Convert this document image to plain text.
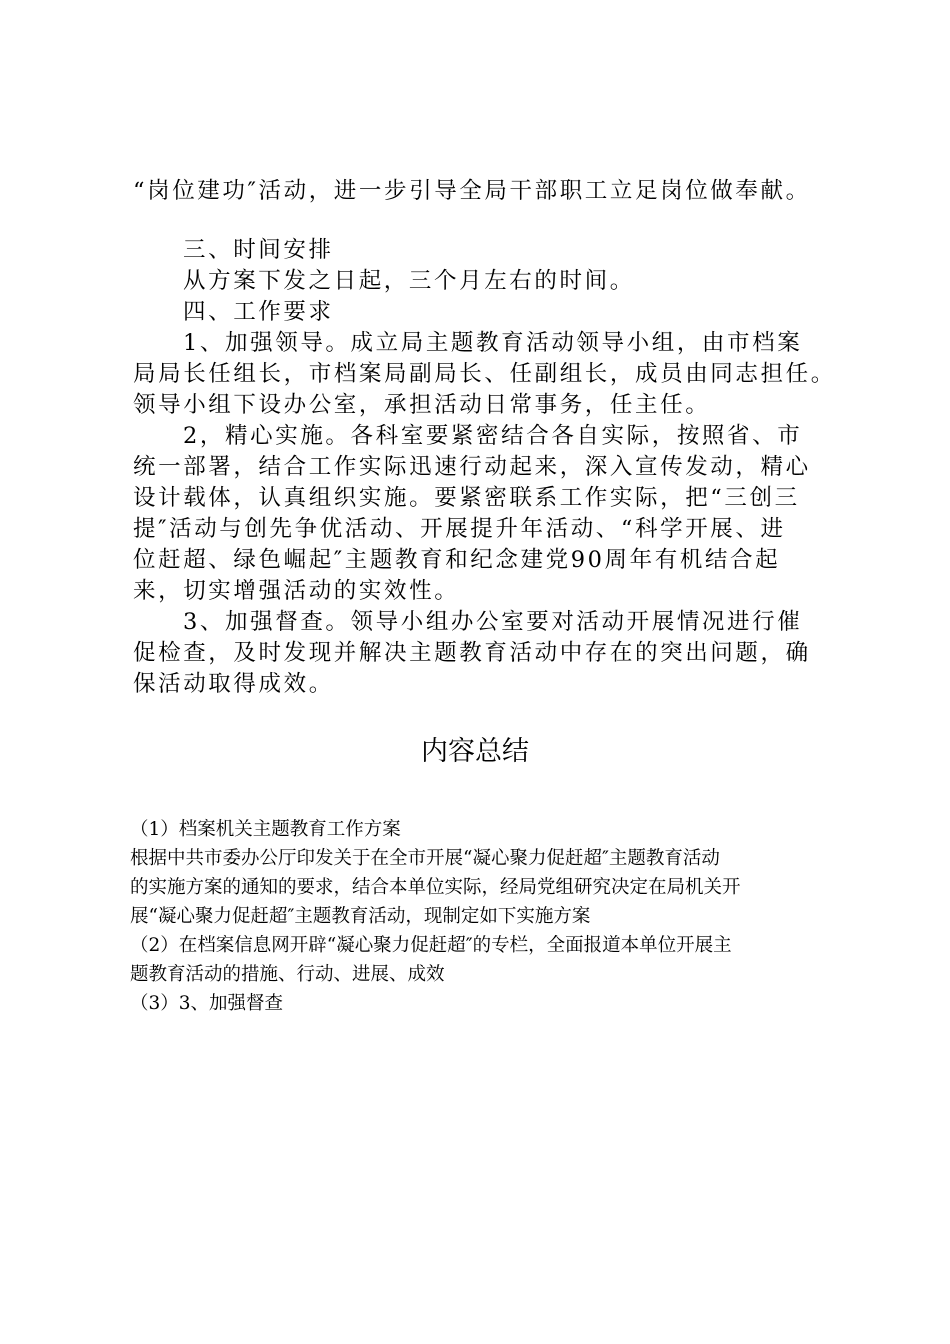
“岗位建功″活动，进一步引导全局干部职工立足岗位做奉献。
三、时间安排
从方案下发之日起，三个月左右的时间。
四、工作要求
1、加强领导。成立局主题教育活动领导小组，由市档案
局局长任组长，市档案局副局长、任副组长，成员由同志担任。
领导小组下设办公室，承担活动日常事务，任主任。
2，精心实施。各科室要紧密结合各自实际，按照省、市
统一部署，结合工作实际迅速行动起来，深入宣传发动，精心
设计载体，认真组织实施。要紧密联系工作实际，把“三创三
提″活动与创先争优活动、开展提升年活动、“科学开展、进
位赶超、绿色崛起″主题教育和纪念建党90周年有机结合起
来，切实增强活动的实效性。
3、加强督查。领导小组办公室要对活动开展情况进行催
促检查，及时发现并解决主题教育活动中存在的突出问题，确
保活动取得成效。
内容总结
（1）档案机关主题教育工作方案
根据中共市委办公厅印发关于在全市开展“凝心聚力促赶超″主题教育活动
的实施方案的通知的要求，结合本单位实际，经局党组研究决定在局机关开
展“凝心聚力促赶超″主题教育活动，现制定如下实施方案
（2）在档案信息网开辟“凝心聚力促赶超″的专栏，全面报道本单位开展主
题教育活动的措施、行动、进展、成效
（3）3、加强督查
